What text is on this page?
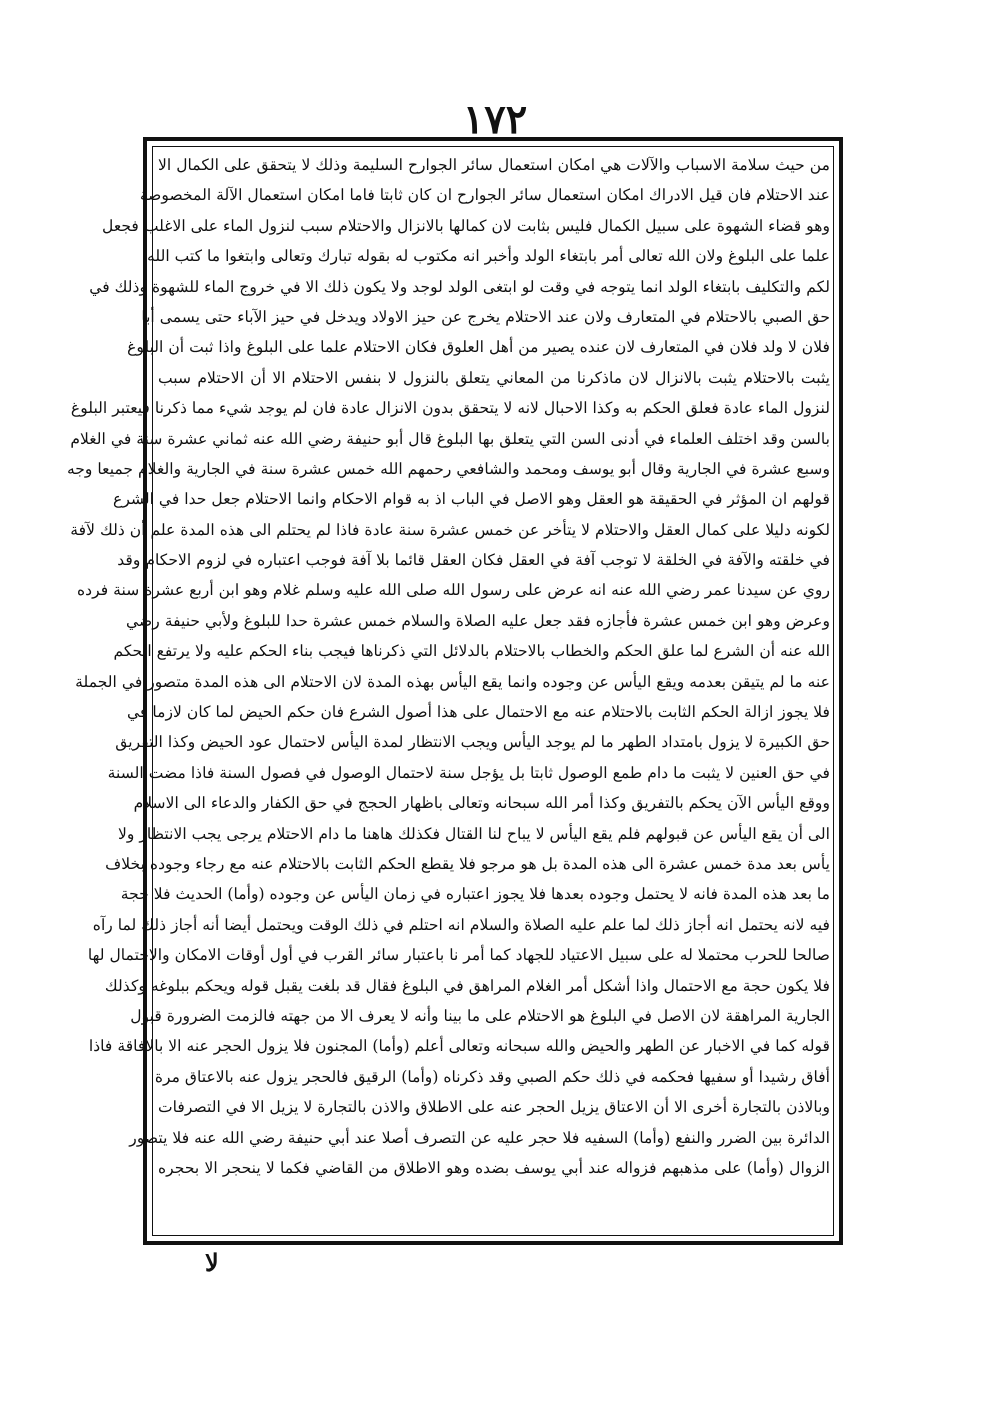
١٧٢
من حيث سلامة الاسباب والآلات هي امكان استعمال سائر الجوارح السليمة وذلك لا يتحقق على الكمال الا
عند الاحتلام فان قيل الادراك امكان استعمال سائر الجوارح ان كان ثابتا فاما امكان استعمال الآلة المخصوصة
وهو قضاء الشهوة على سبيل الكمال فليس بثابت لان كمالها بالانزال والاحتلام سبب لنزول الماء على الاغلب فجعل
علما على البلوغ ولان الله تعالى أمر بابتغاء الولد وأخبر انه مكتوب له بقوله تبارك وتعالى وابتغوا ما كتب الله
لكم والتكليف بابتغاء الولد انما يتوجه في وقت لو ابتغى الولد لوجد ولا يكون ذلك الا في خروج الماء للشهوة وذلك في
حق الصبي بالاحتلام في المتعارف ولان عند الاحتلام يخرج عن حيز الاولاد ويدخل في حيز الآباء حتى يسمى أبا
فلان لا ولد فلان في المتعارف لان عنده يصير من أهل العلوق فكان الاحتلام علما على البلوغ واذا ثبت أن البلوغ
يثبت بالاحتلام يثبت بالانزال لان ماذكرنا من المعاني يتعلق بالنزول لا بنفس الاحتلام الا أن الاحتلام سبب
لنزول الماء عادة فعلق الحكم به وكذا الاحبال لانه لا يتحقق بدون الانزال عادة فان لم يوجد شيء مما ذكرنا فيعتبر البلوغ
بالسن وقد اختلف العلماء في أدنى السن التي يتعلق بها البلوغ قال أبو حنيفة رضي الله عنه ثماني عشرة سنة في الغلام
وسبع عشرة في الجارية وقال أبو يوسف ومحمد والشافعي رحمهم الله خمس عشرة سنة في الجارية والغلام جميعا وجه
قولهم ان المؤثر في الحقيقة هو العقل وهو الاصل في الباب اذ به قوام الاحكام وانما الاحتلام جعل حدا في الشرع
لكونه دليلا على كمال العقل والاحتلام لا يتأخر عن خمس عشرة سنة عادة فاذا لم يحتلم الى هذه المدة علم أن ذلك لآفة
في خلقته والآفة في الخلقة لا توجب آفة في العقل فكان العقل قائما بلا آفة فوجب اعتباره في لزوم الاحكام وقد
روي عن سيدنا عمر رضي الله عنه انه عرض على رسول الله صلى الله عليه وسلم غلام وهو ابن أربع عشرة سنة فرده
وعرض وهو ابن خمس عشرة فأجازه فقد جعل عليه الصلاة والسلام خمس عشرة حدا للبلوغ ولأبي حنيفة رضي
الله عنه أن الشرع لما علق الحكم والخطاب بالاحتلام بالدلائل التي ذكرناها فيجب بناء الحكم عليه ولا يرتفع الحكم
عنه ما لم يتيقن بعدمه ويقع اليأس عن وجوده وانما يقع اليأس بهذه المدة لان الاحتلام الى هذه المدة متصور في الجملة
فلا يجوز ازالة الحكم الثابت بالاحتلام عنه مع الاحتمال على هذا أصول الشرع فان حكم الحيض لما كان لازما في
حق الكبيرة لا يزول بامتداد الطهر ما لم يوجد اليأس ويجب الانتظار لمدة اليأس لاحتمال عود الحيض وكذا التفريق
في حق العنين لا يثبت ما دام طمع الوصول ثابتا بل يؤجل سنة لاحتمال الوصول في فصول السنة فاذا مضت السنة
ووقع اليأس الآن يحكم بالتفريق وكذا أمر الله سبحانه وتعالى باظهار الحجج في حق الكفار والدعاء الى الاسلام
الى أن يقع اليأس عن قبولهم فلم يقع اليأس لا يباح لنا القتال فكذلك هاهنا ما دام الاحتلام يرجى يجب الانتظار ولا
يأس بعد مدة خمس عشرة الى هذه المدة بل هو مرجو فلا يقطع الحكم الثابت بالاحتلام عنه مع رجاء وجوده بخلاف
ما بعد هذه المدة فانه لا يحتمل وجوده بعدها فلا يجوز اعتباره في زمان اليأس عن وجوده (وأما) الحديث فلا حجة
فيه لانه يحتمل انه أجاز ذلك لما علم عليه الصلاة والسلام انه احتلم في ذلك الوقت ويحتمل أيضا أنه أجاز ذلك لما رآه
صالحا للحرب محتملا له على سبيل الاعتياد للجهاد كما أمر نا باعتبار سائر القرب في أول أوقات الامكان والاحتمال لها
فلا يكون حجة مع الاحتمال واذا أشكل أمر الغلام المراهق في البلوغ فقال قد بلغت يقبل قوله ويحكم ببلوغه وكذلك
الجارية المراهقة لان الاصل في البلوغ هو الاحتلام على ما بينا وأنه لا يعرف الا من جهته فالزمت الضرورة قبول
قوله كما في الاخبار عن الطهر والحيض والله سبحانه وتعالى أعلم (وأما) المجنون فلا يزول الحجر عنه الا بالافاقة فاذا
أفاق رشيدا أو سفيها فحكمه في ذلك حكم الصبي وقد ذكرناه (وأما) الرقيق فالحجر يزول عنه بالاعتاق مرة
وبالاذن بالتجارة أخرى الا أن الاعتاق يزيل الحجر عنه على الاطلاق والاذن بالتجارة لا يزيل الا في التصرفات
الدائرة بين الضرر والنفع (وأما) السفيه فلا حجر عليه عن التصرف أصلا عند أبي حنيفة رضي الله عنه فلا يتصور
الزوال (وأما) على مذهبهم فزواله عند أبي يوسف بضده وهو الاطلاق من القاضي فكما لا ينحجر الا بحجره
لا
